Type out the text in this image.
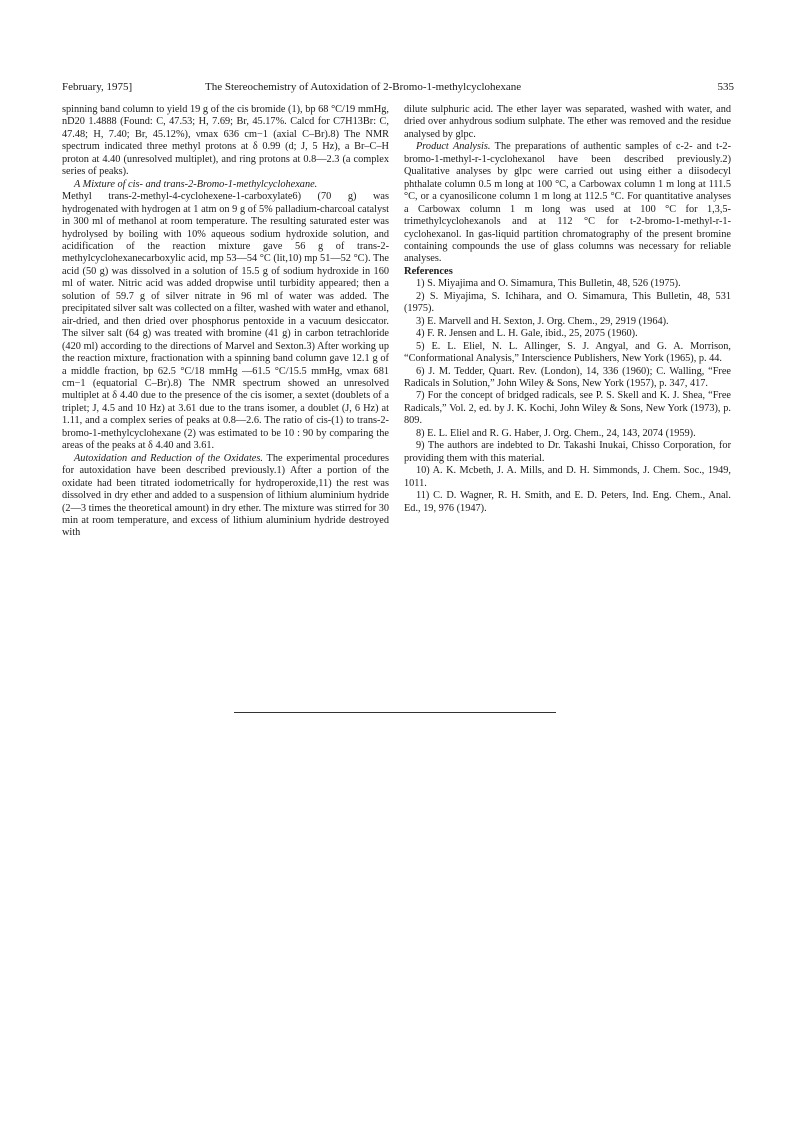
February, 1975]	The Stereochemistry of Autoxidation of 2-Bromo-1-methylcyclohexane	535

spinning band column to yield 19 g of the cis bromide (1), bp 68 °C/19 mmHg, nD20 1.4888 (Found: C, 47.53; H, 7.69; Br, 45.17%. Calcd for C7H13Br: C, 47.48; H, 7.40; Br, 45.12%), νmax 636 cm−1 (axial C–Br).8) The NMR spectrum indicated three methyl protons at δ 0.99 (d; J, 5 Hz), a Br–C–H proton at 4.40 (unresolved multiplet), and ring protons at 0.8—2.3 (a complex series of peaks).

A Mixture of cis- and trans-2-Bromo-1-methylcyclohexane.

Methyl trans-2-methyl-4-cyclohexene-1-carboxylate6) (70 g) was hydrogenated with hydrogen at 1 atm on 9 g of 5% palladium-charcoal catalyst in 300 ml of methanol at room temperature. The resulting saturated ester was hydrolysed by boiling with 10% aqueous sodium hydroxide solution, and acidification of the reaction mixture gave 56 g of trans-2-methylcyclohexanecarboxylic acid, mp 53—54 °C (lit,10) mp 51—52 °C). The acid (50 g) was dissolved in a solution of 15.5 g of sodium hydroxide in 160 ml of water. Nitric acid was added dropwise until turbidity appeared; then a solution of 59.7 g of silver nitrate in 96 ml of water was added. The precipitated silver salt was collected on a filter, washed with water and ethanol, air-dried, and then dried over phosphorus pentoxide in a vacuum desiccator. The silver salt (64 g) was treated with bromine (41 g) in carbon tetrachloride (420 ml) according to the directions of Marvel and Sexton.3) After working up the reaction mixture, fractionation with a spinning band column gave 12.1 g of a middle fraction, bp 62.5 °C/18 mmHg —61.5 °C/15.5 mmHg, νmax 681 cm−1 (equatorial C–Br).8) The NMR spectrum showed an unresolved multiplet at δ 4.40 due to the presence of the cis isomer, a sextet (doublets of a triplet; J, 4.5 and 10 Hz) at 3.61 due to the trans isomer, a doublet (J, 6 Hz) at 1.11, and a complex series of peaks at 0.8—2.6. The ratio of cis-(1) to trans-2-bromo-1-methylcyclohexane (2) was estimated to be 10 : 90 by comparing the areas of the peaks at δ 4.40 and 3.61.

Autoxidation and Reduction of the Oxidates. The experimental procedures for autoxidation have been described previously.1) After a portion of the oxidate had been titrated iodometrically for hydroperoxide,11) the rest was dissolved in dry ether and added to a suspension of lithium aluminium hydride (2—3 times the theoretical amount) in dry ether. The mixture was stirred for 30 min at room temperature, and excess of lithium aluminium hydride destroyed with

dilute sulphuric acid. The ether layer was separated, washed with water, and dried over anhydrous sodium sulphate. The ether was removed and the residue analysed by glpc.

Product Analysis. The preparations of authentic samples of c-2- and t-2-bromo-1-methyl-r-1-cyclohexanol have been described previously.2) Qualitative analyses by glpc were carried out using either a diisodecyl phthalate column 0.5 m long at 100 °C, a Carbowax column 1 m long at 111.5 °C, or a cyanosilicone column 1 m long at 112.5 °C. For quantitative analyses a Carbowax column 1 m long was used at 100 °C for 1,3,5-trimethylcyclohexanols and at 112 °C for t-2-bromo-1-methyl-r-1-cyclohexanol. In gas-liquid partition chromatography of the present bromine containing compounds the use of glass columns was necessary for reliable analyses.

References

1) S. Miyajima and O. Simamura, This Bulletin, 48, 526 (1975).

2) S. Miyajima, S. Ichihara, and O. Simamura, This Bulletin, 48, 531 (1975).

3) E. Marvell and H. Sexton, J. Org. Chem., 29, 2919 (1964).

4) F. R. Jensen and L. H. Gale, ibid., 25, 2075 (1960).

5) E. L. Eliel, N. L. Allinger, S. J. Angyal, and G. A. Morrison, “Conformational Analysis,” Interscience Publishers, New York (1965), p. 44.

6) J. M. Tedder, Quart. Rev. (London), 14, 336 (1960); C. Walling, “Free Radicals in Solution,” John Wiley & Sons, New York (1957), p. 347, 417.

7) For the concept of bridged radicals, see P. S. Skell and K. J. Shea, “Free Radicals,” Vol. 2, ed. by J. K. Kochi, John Wiley & Sons, New York (1973), p. 809.

8) E. L. Eliel and R. G. Haber, J. Org. Chem., 24, 143, 2074 (1959).

9) The authors are indebted to Dr. Takashi Inukai, Chisso Corporation, for providing them with this material.

10) A. K. Mcbeth, J. A. Mills, and D. H. Simmonds, J. Chem. Soc., 1949, 1011.

11) C. D. Wagner, R. H. Smith, and E. D. Peters, Ind. Eng. Chem., Anal. Ed., 19, 976 (1947).
